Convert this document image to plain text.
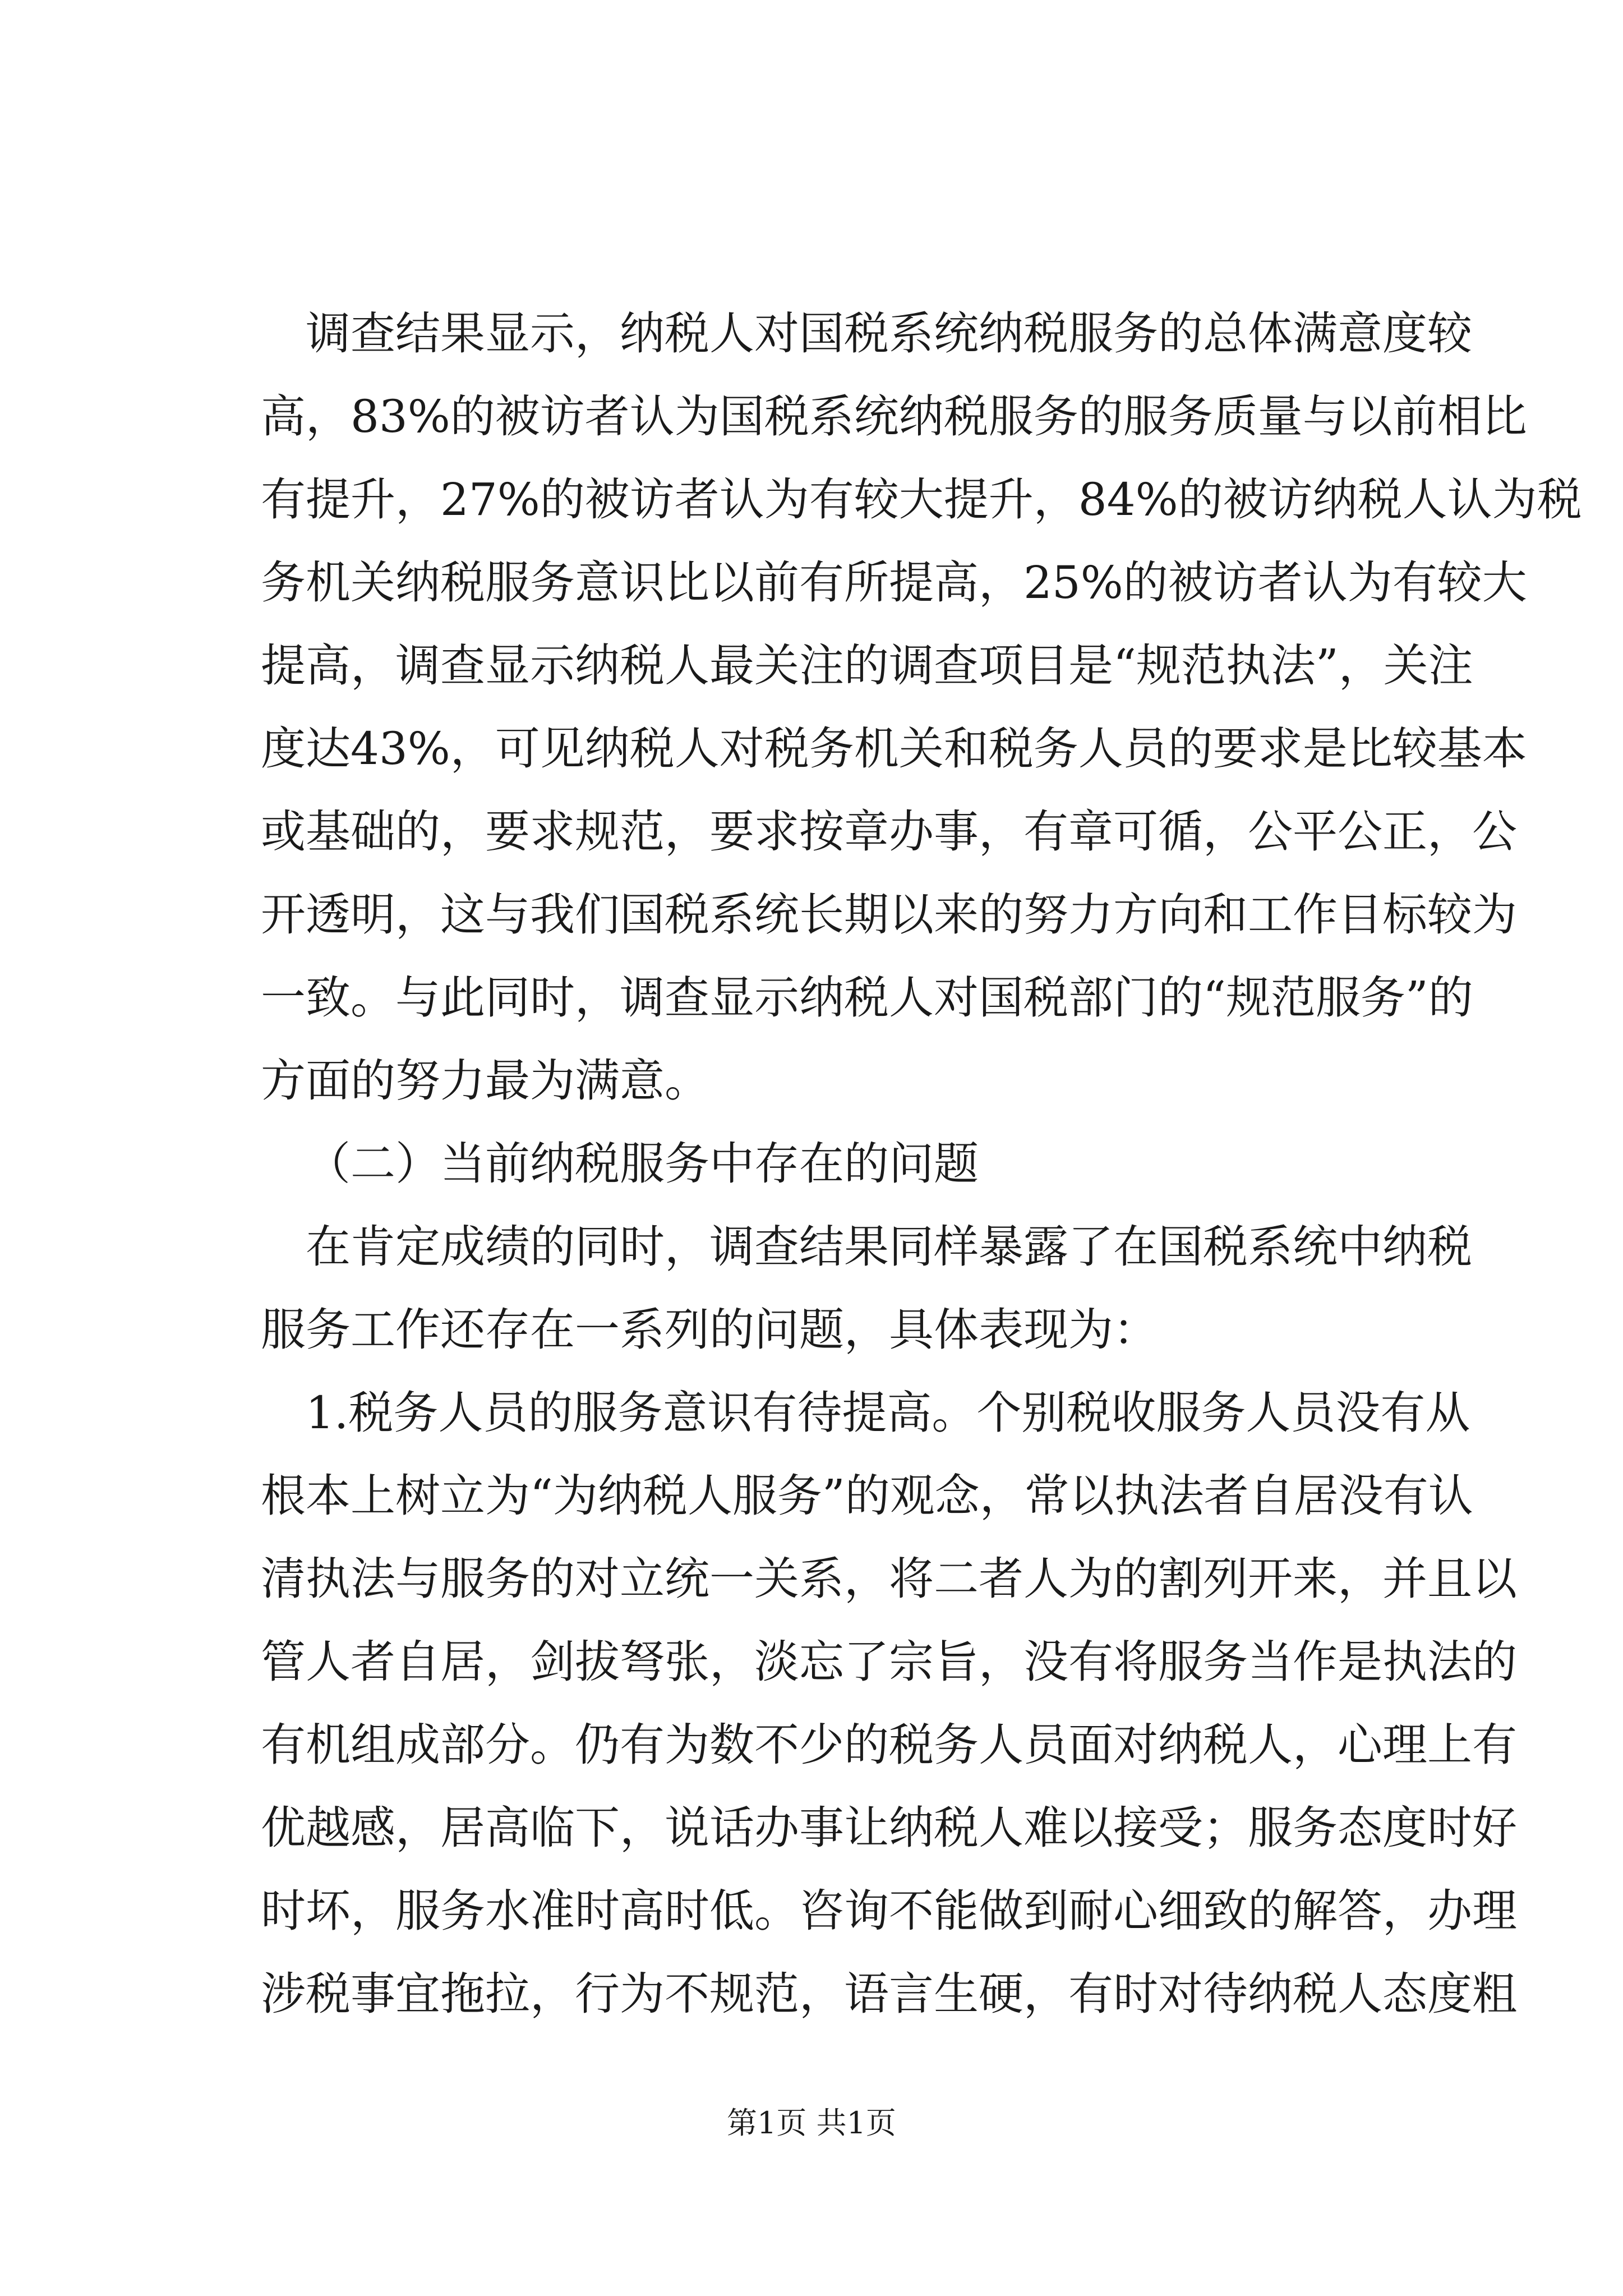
调查结果显示，纳税人对国税系统纳税服务的总体满意度较
高，83%的被访者认为国税系统纳税服务的服务质量与以前相比
有提升，27%的被访者认为有较大提升，84%的被访纳税人认为税
务机关纳税服务意识比以前有所提高，25%的被访者认为有较大
提高，调查显示纳税人最关注的调查项目是“规范执法”，关注
度达43%，可见纳税人对税务机关和税务人员的要求是比较基本
或基础的，要求规范，要求按章办事，有章可循，公平公正，公
开透明，这与我们国税系统长期以来的努力方向和工作目标较为
一致。与此同时，调查显示纳税人对国税部门的“规范服务”的
方面的努力最为满意。
（二）当前纳税服务中存在的问题
在肯定成绩的同时，调查结果同样暴露了在国税系统中纳税
服务工作还存在一系列的问题，具体表现为：
1.税务人员的服务意识有待提高。个别税收服务人员没有从
根本上树立为“为纳税人服务”的观念，常以执法者自居没有认
清执法与服务的对立统一关系，将二者人为的割列开来，并且以
管人者自居，剑拔弩张，淡忘了宗旨，没有将服务当作是执法的
有机组成部分。仍有为数不少的税务人员面对纳税人，心理上有
优越感，居高临下，说话办事让纳税人难以接受；服务态度时好
时坏，服务水准时高时低。咨询不能做到耐心细致的解答，办理
涉税事宜拖拉，行为不规范，语言生硬，有时对待纳税人态度粗
第1页 共1页
